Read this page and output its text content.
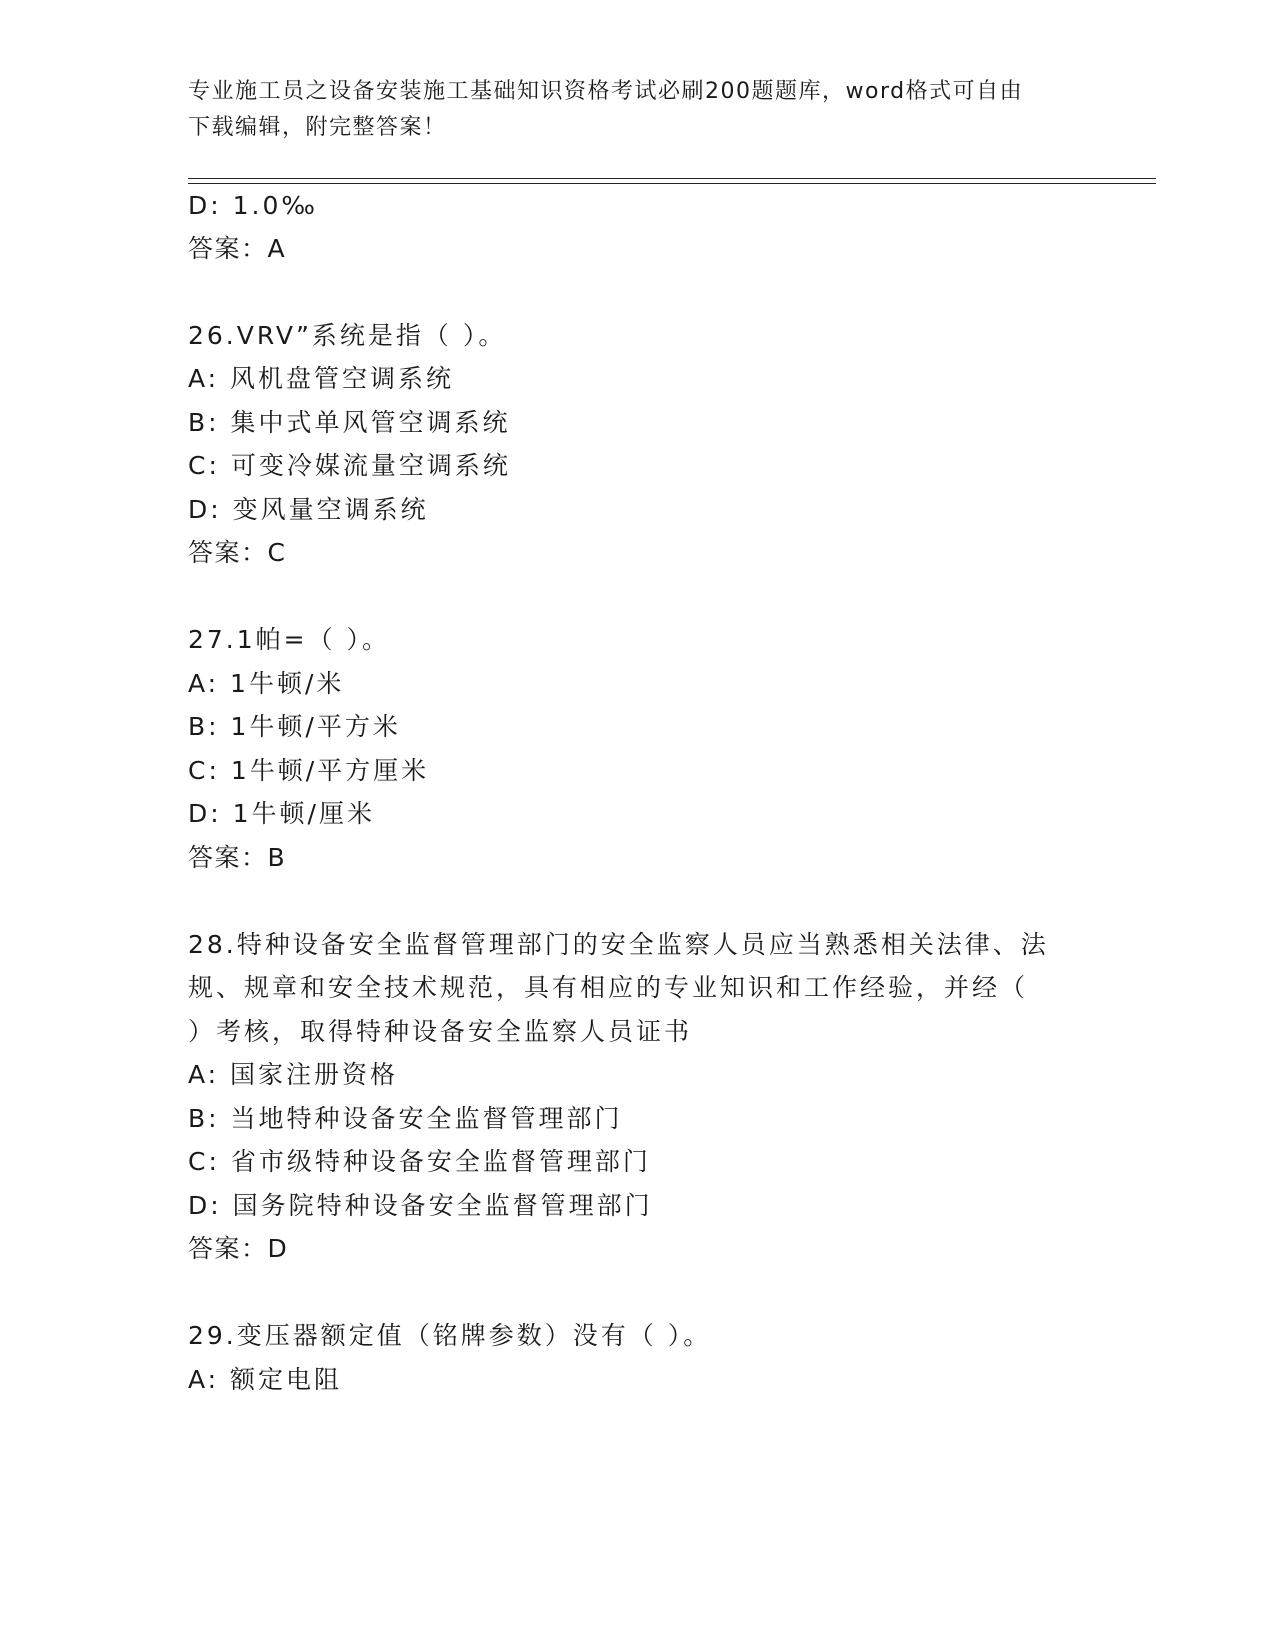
专业施工员之设备安装施工基础知识资格考试必刷200题题库，word格式可自由
下载编辑，附完整答案！
D: 1.0‰
答案：A
26.VRV”系统是指（ ）。
A: 风机盘管空调系统
B: 集中式单风管空调系统
C: 可变冷媒流量空调系统
D: 变风量空调系统
答案：C
27.1帕=（ ）。
A: 1牛顿/米
B: 1牛顿/平方米
C: 1牛顿/平方厘米
D: 1牛顿/厘米
答案：B
28.特种设备安全监督管理部门的安全监察人员应当熟悉相关法律、法
规、规章和安全技术规范，具有相应的专业知识和工作经验，并经（
）考核，取得特种设备安全监察人员证书
A: 国家注册资格
B: 当地特种设备安全监督管理部门
C: 省市级特种设备安全监督管理部门
D: 国务院特种设备安全监督管理部门
答案：D
29.变压器额定值（铭牌参数）没有（ ）。
A: 额定电阻
